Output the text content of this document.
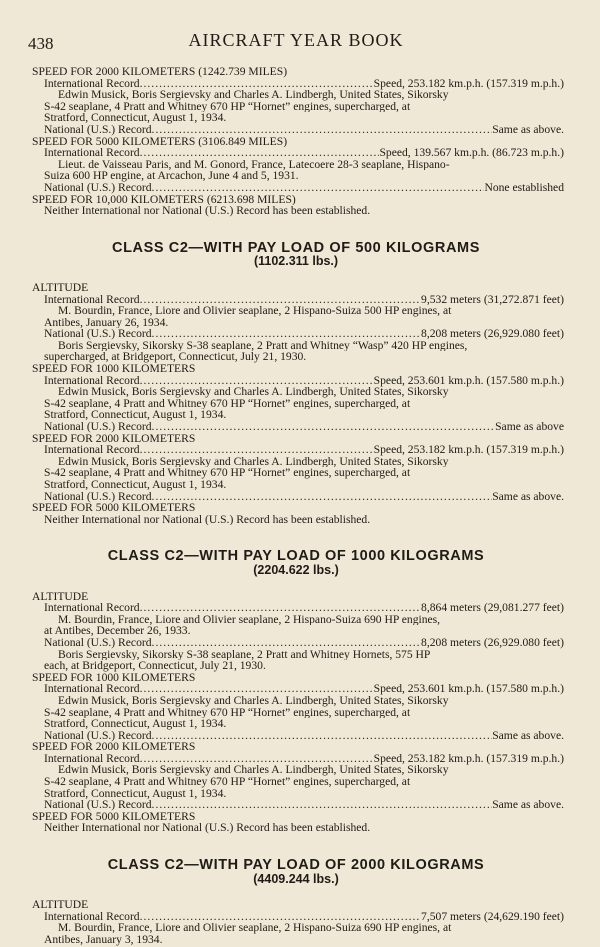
438	AIRCRAFT YEAR BOOK
SPEED FOR 2000 KILOMETERS (1242.739 MILES)
International Record .....	Speed, 253.182 km.p.h. (157.319 m.p.h.)
Edwin Musick, Boris Sergievsky and Charles A. Lindbergh, United States, Sikorsky
S-42 seaplane, 4 Pratt and Whitney 670 HP “Hornet” engines, supercharged, at
Stratford, Connecticut, August 1, 1934.
National (U.S.) Record .....	Same as above.
SPEED FOR 5000 KILOMETERS (3106.849 MILES)
International Record .....	Speed, 139.567 km.p.h. (86.723 m.p.h.)
Lieut. de Vaisseau Paris, and M. Gonord, France, Latecoere 28-3 seaplane, Hispano-
Suiza 600 HP engine, at Arcachon, June 4 and 5, 1931.
National (U.S.) Record .....	None established
SPEED FOR 10,000 KILOMETERS (6213.698 MILES)
Neither International nor National (U.S.) Record has been established.
CLASS C2—WITH PAY LOAD OF 500 KILOGRAMS
(1102.311 lbs.)
ALTITUDE
International Record .....	9,532 meters (31,272.871 feet)
M. Bourdin, France, Liore and Olivier seaplane, 2 Hispano-Suiza 500 HP engines, at
Antibes, January 26, 1934.
National (U.S.) Record .....	8,208 meters (26,929.080 feet)
Boris Sergievsky, Sikorsky S-38 seaplane, 2 Pratt and Whitney “Wasp” 420 HP engines,
supercharged, at Bridgeport, Connecticut, July 21, 1930.
SPEED FOR 1000 KILOMETERS
International Record .....	Speed, 253.601 km.p.h. (157.580 m.p.h.)
Edwin Musick, Boris Sergievsky and Charles A. Lindbergh, United States, Sikorsky
S-42 seaplane, 4 Pratt and Whitney 670 HP “Hornet” engines, supercharged, at
Stratford, Connecticut, August 1, 1934.
National (U.S.) Record .....	Same as above
SPEED FOR 2000 KILOMETERS
International Record .....	Speed, 253.182 km.p.h. (157.319 m.p.h.)
Edwin Musick, Boris Sergievsky and Charles A. Lindbergh, United States, Sikorsky
S-42 seaplane, 4 Pratt and Whitney 670 HP “Hornet” engines, supercharged, at
Stratford, Connecticut, August 1, 1934.
National (U.S.) Record .....	Same as above.
SPEED FOR 5000 KILOMETERS
Neither International nor National (U.S.) Record has been established.
CLASS C2—WITH PAY LOAD OF 1000 KILOGRAMS
(2204.622 lbs.)
ALTITUDE
International Record .....	8,864 meters (29,081.277 feet)
M. Bourdin, France, Liore and Olivier seaplane, 2 Hispano-Suiza 690 HP engines,
at Antibes, December 26, 1933.
National (U.S.) Record .....	8,208 meters (26,929.080 feet)
Boris Sergievsky, Sikorsky S-38 seaplane, 2 Pratt and Whitney Hornets, 575 HP
each, at Bridgeport, Connecticut, July 21, 1930.
SPEED FOR 1000 KILOMETERS
International Record .....	Speed, 253.601 km.p.h. (157.580 m.p.h.)
Edwin Musick, Boris Sergievsky and Charles A. Lindbergh, United States, Sikorsky
S-42 seaplane, 4 Pratt and Whitney 670 HP “Hornet” engines, supercharged, at
Stratford, Connecticut, August 1, 1934.
National (U.S.) Record .....	Same as above.
SPEED FOR 2000 KILOMETERS
International Record .....	Speed, 253.182 km.p.h. (157.319 m.p.h.)
Edwin Musick, Boris Sergievsky and Charles A. Lindbergh, United States, Sikorsky
S-42 seaplane, 4 Pratt and Whitney 670 HP “Hornet” engines, supercharged, at
Stratford, Connecticut, August 1, 1934.
National (U.S.) Record .....	Same as above.
SPEED FOR 5000 KILOMETERS
Neither International nor National (U.S.) Record has been established.
CLASS C2—WITH PAY LOAD OF 2000 KILOGRAMS
(4409.244 lbs.)
ALTITUDE
International Record .....	7,507 meters (24,629.190 feet)
M. Bourdin, France, Liore and Olivier seaplane, 2 Hispano-Suiza 690 HP engines, at
Antibes, January 3, 1934.
